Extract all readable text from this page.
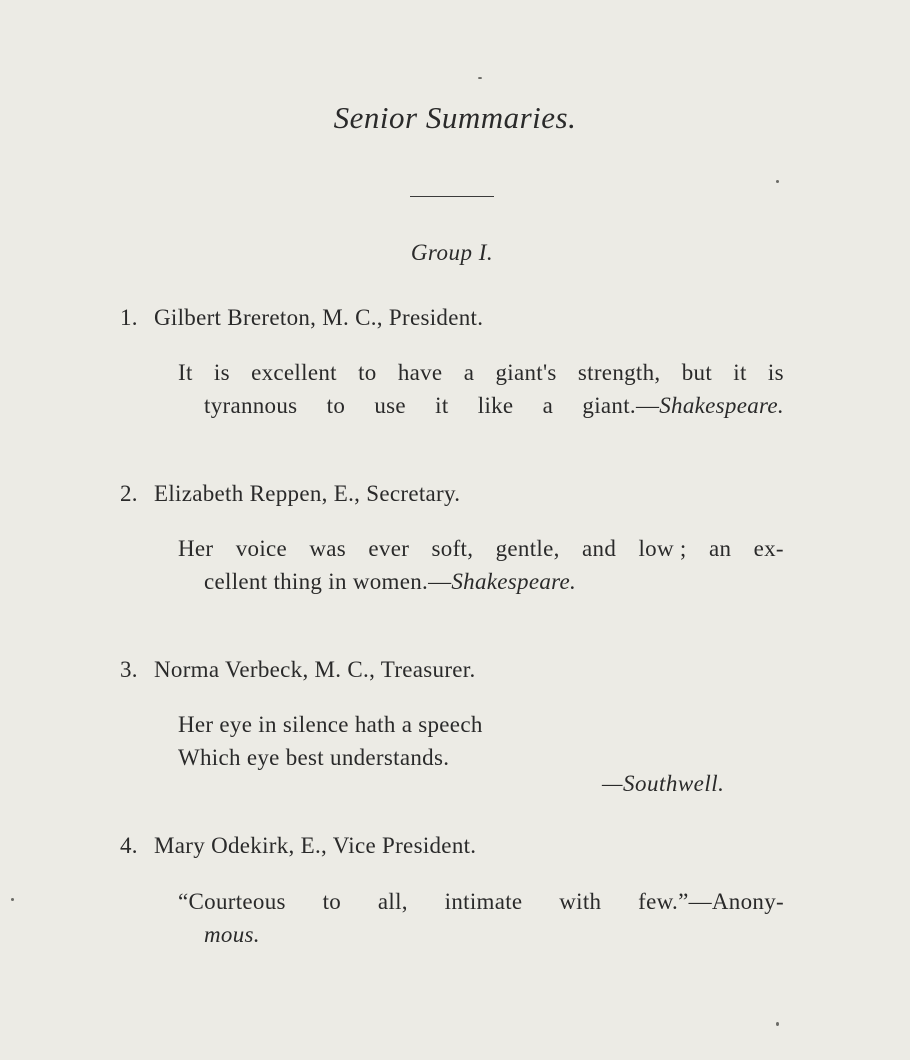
Senior Summaries.
Group I.
1. Gilbert Brereton, M. C., President.
It is excellent to have a giant's strength, but it is
tyrannous to use it like a giant.—Shakespeare.
2. Elizabeth Reppen, E., Secretary.
Her voice was ever soft, gentle, and low ; an ex-
cellent thing in women.—Shakespeare.
3. Norma Verbeck, M. C., Treasurer.
Her eye in silence hath a speech
Which eye best understands.
—Southwell.
4. Mary Odekirk, E., Vice President.
“Courteous to all, intimate with few.”—Anony-
mous.
